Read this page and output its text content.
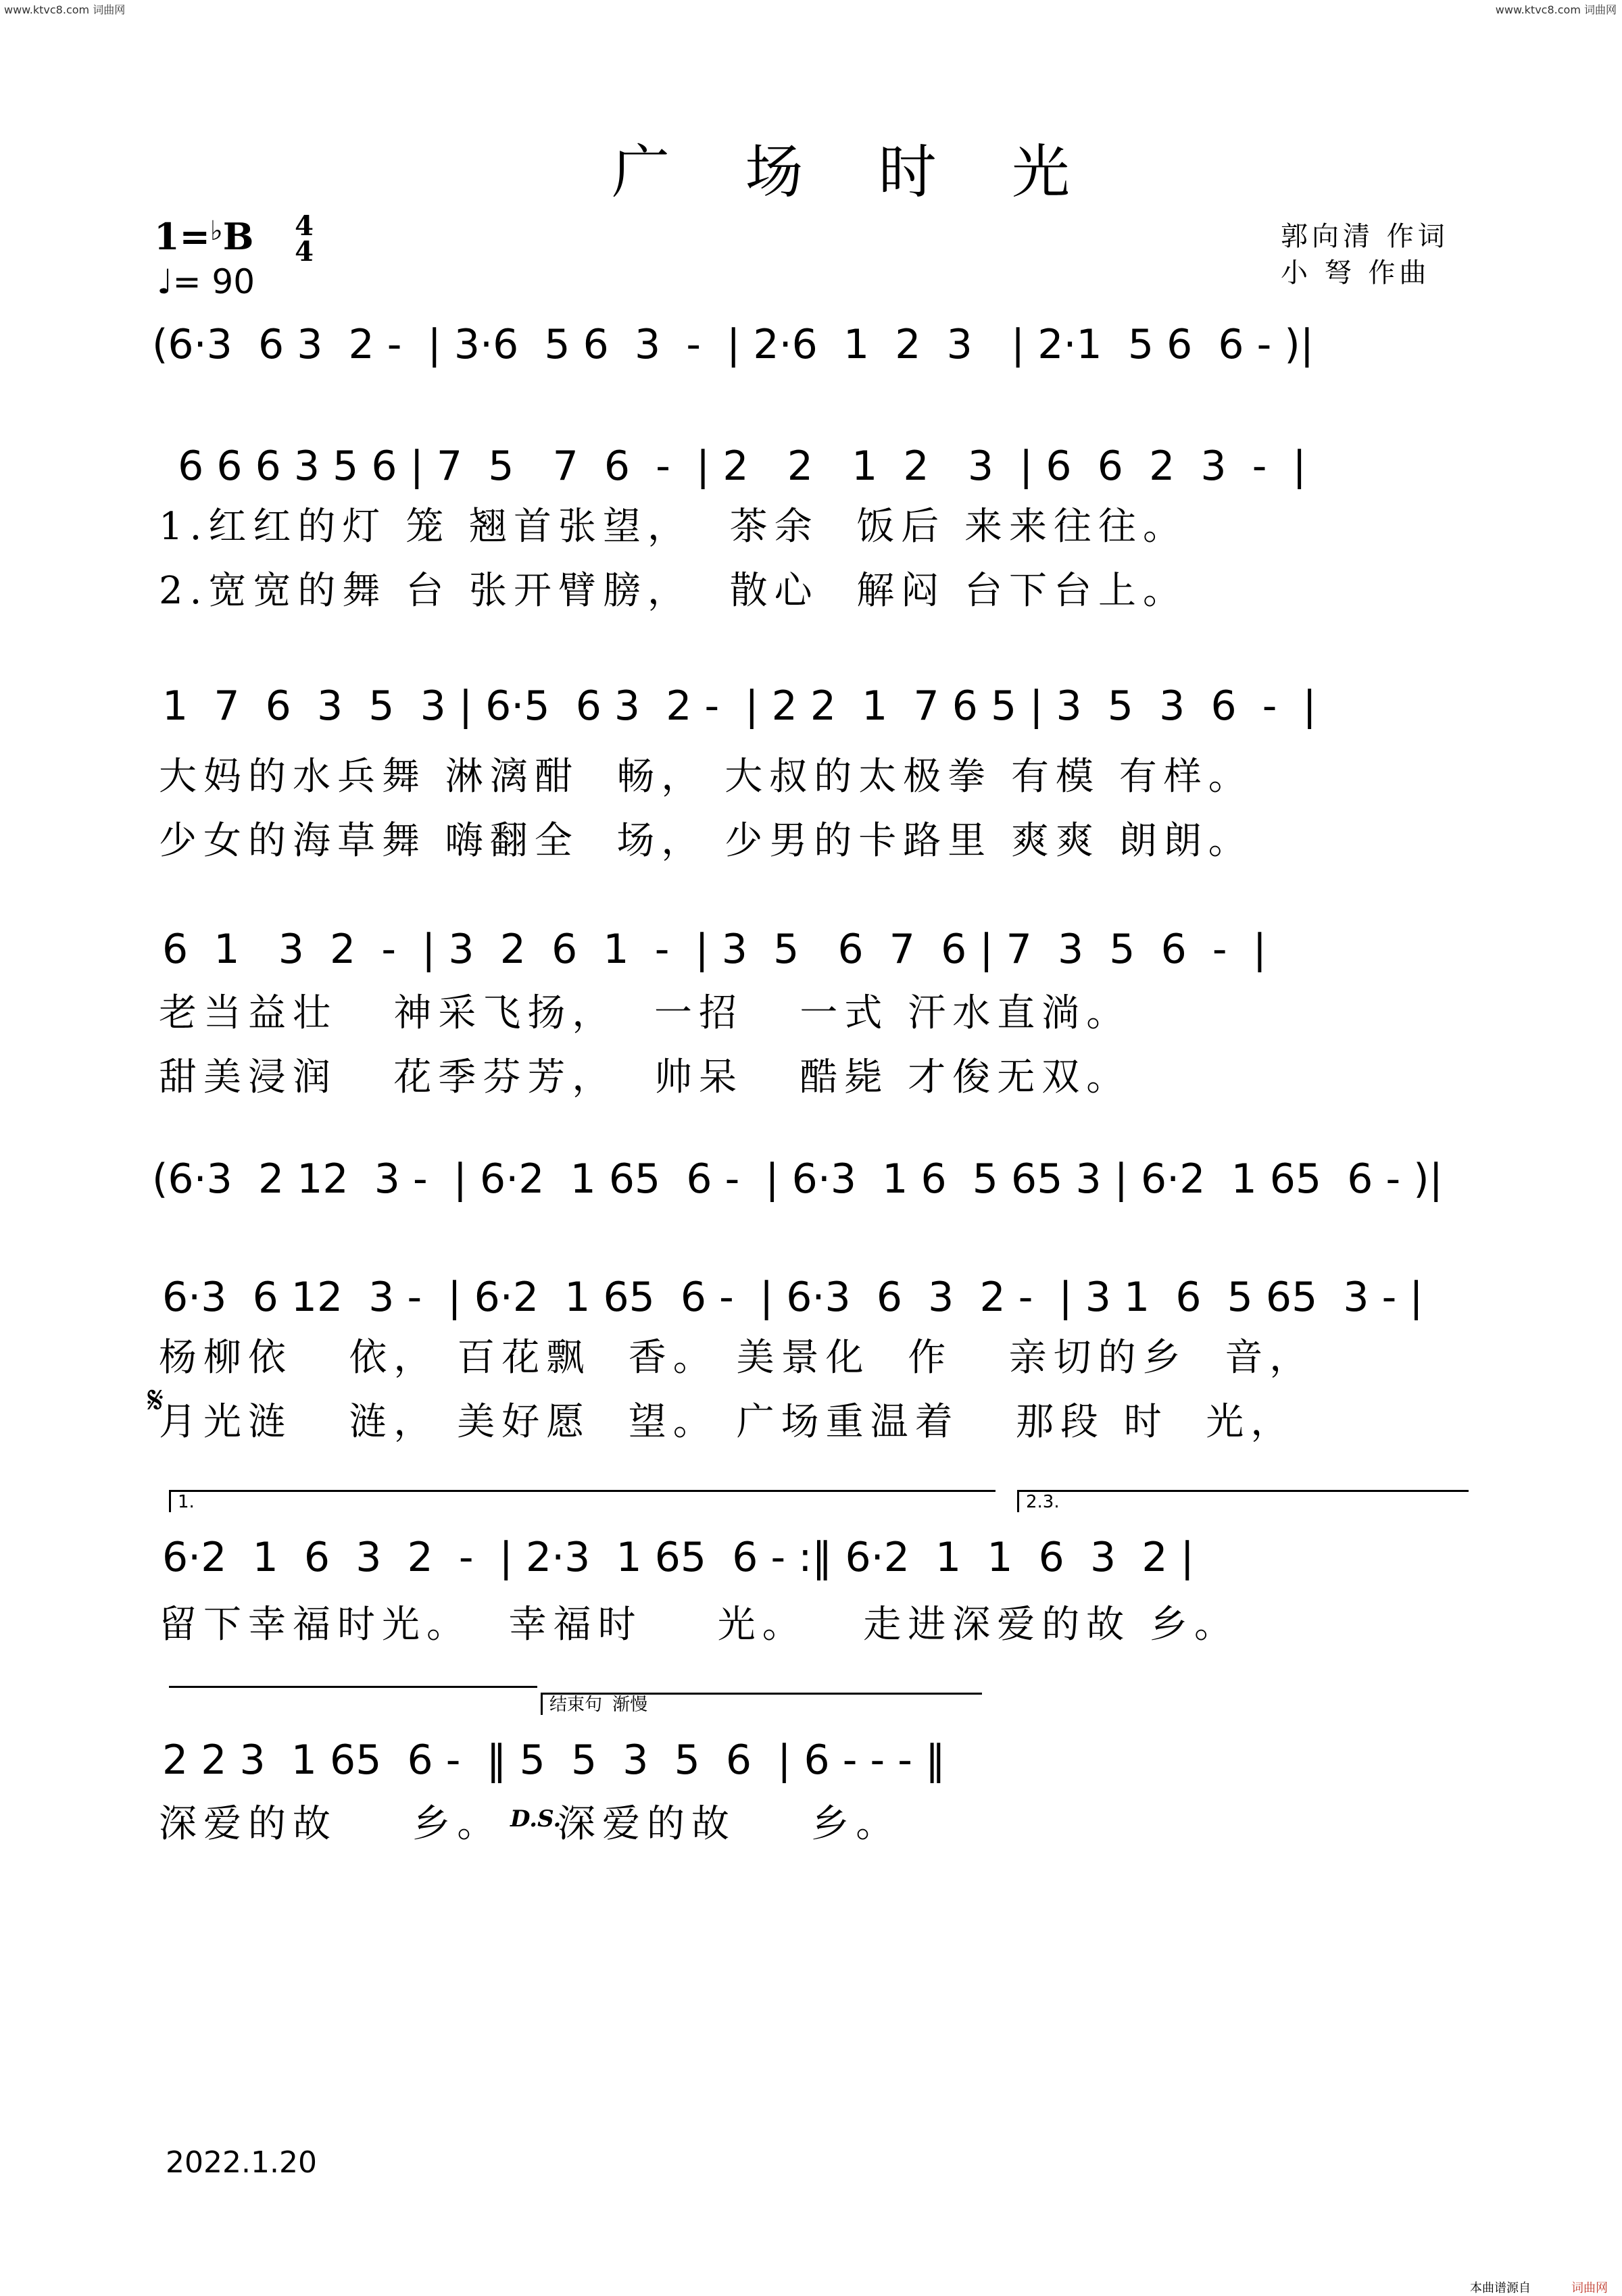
www.ktvc8.com 词曲网	www.ktvc8.com 词曲网
广 场 时 光
1=♭B 4
4
♩= 90
郭向清 作词
小 弩 作曲
(6·3  6 3  2 -  | 3·6  5 6  3  -  | 2·6  1  2  3   | 2·1  5 6  6 - )|
6 6 6 3 5 6 | 7  5   7  6  -  | 2   2   1  2   3  | 6  6  2  3  -  |
1.红红的灯 笼 翘首张望，  茶余  饭后 来来往往。
2.宽宽的舞 台 张开臂膀，  散心  解闷 台下台上。
1  7  6  3  5  3 | 6·5  6 3  2 -  | 2 2  1  7 6 5 | 3  5  3  6  -  |
大妈的水兵舞 淋漓酣  畅， 大叔的太极拳 有模 有样。
少女的海草舞 嗨翻全  场， 少男的卡路里 爽爽 朗朗。
6  1   3  2  -  | 3  2  6  1  -  | 3  5   6  7  6 | 7  3  5  6  -  |
老当益壮   神采飞扬，  一招   一式 汗水直淌。
甜美浸润   花季芬芳，  帅呆   酷毙 才俊无双。
(6·3  2 12  3 -  | 6·2  1 65  6 -  | 6·3  1 6  5 65 3 | 6·2  1 65  6 - )|
6·3  6 12  3 -  | 6·2  1 65  6 -  | 6·3  6  3  2 -  | 3 1  6  5 65  3 - |
杨柳依   依， 百花飘  香。 美景化  作   亲切的乡  音，
𝄋
月光涟   涟， 美好愿  望。 广场重温着   那段 时  光，
1.	2.3.
6·2  1  6  3  2  -  | 2·3  1 65  6 - :‖ 6·2  1  1  6  3  2 |
留下幸福时光。  幸福时    光。   走进深爱的故 乡。
结束句 渐慢
2 2 3  1 65  6 -  ‖ 5  5  3  5  6  | 6 - - - ‖
深爱的故    乡。 D.S.
深爱的故    乡。
2022.1.20
本曲谱源自	词曲网
